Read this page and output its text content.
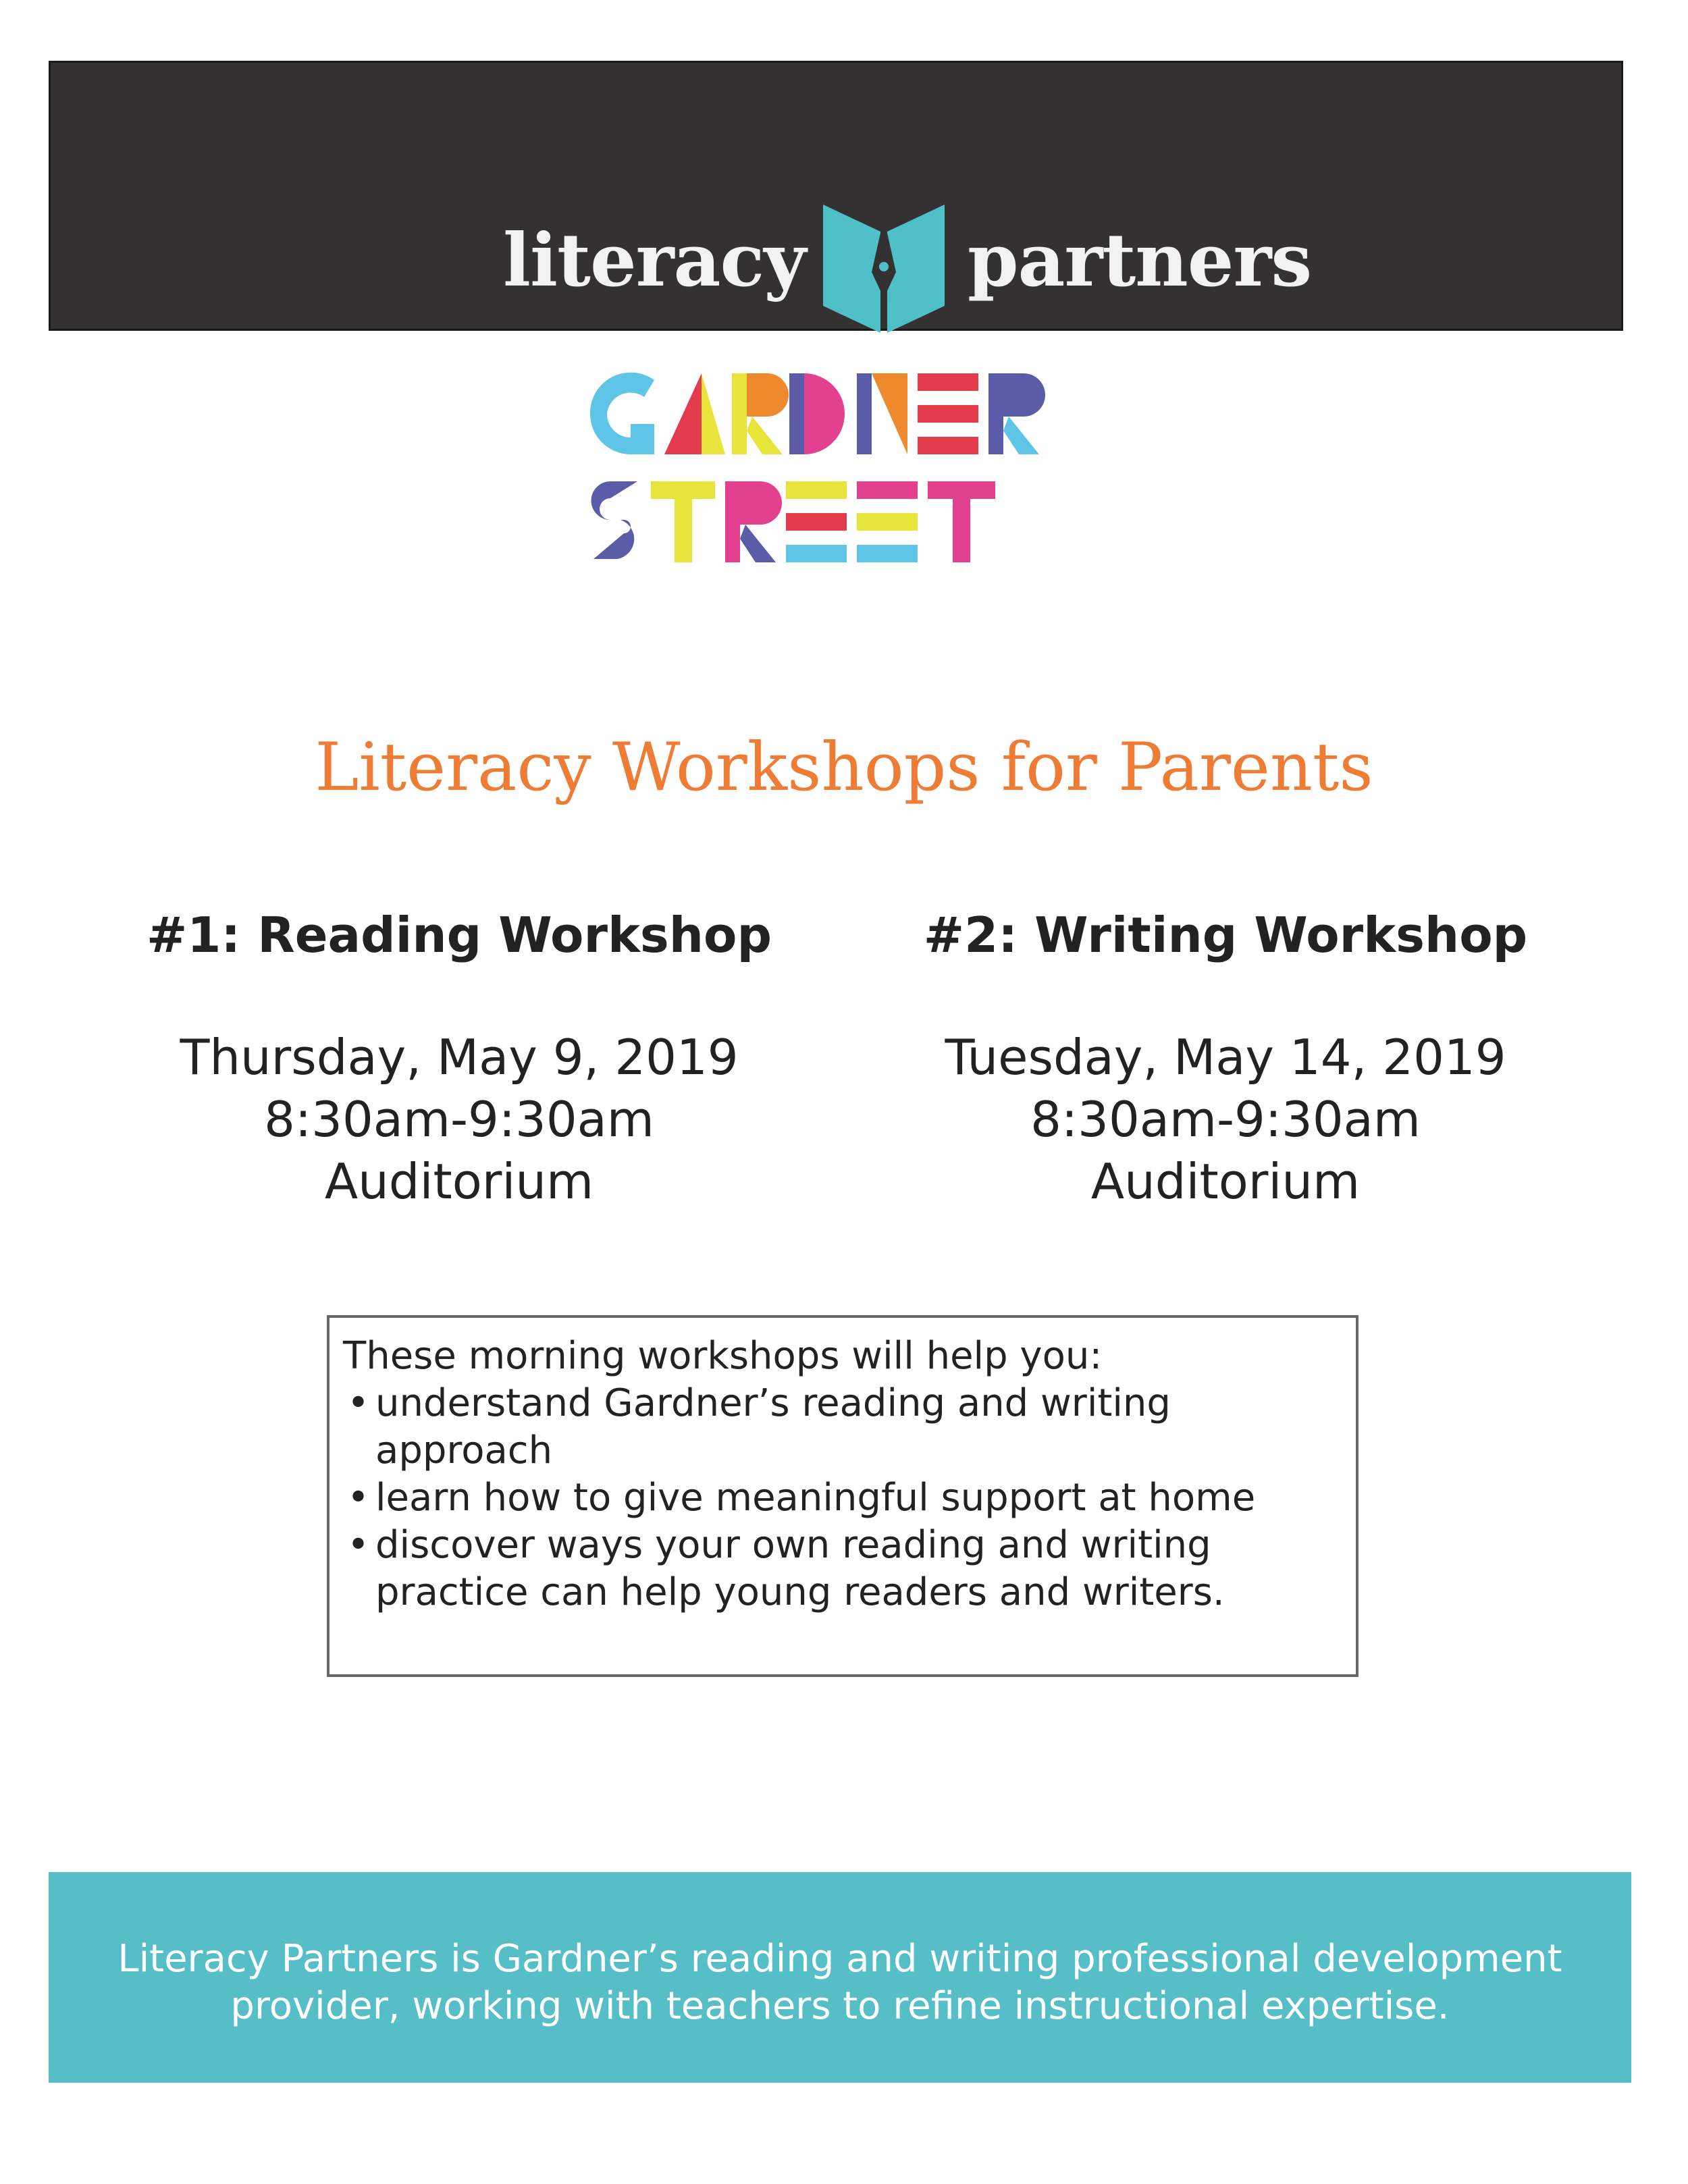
literacy partners
Literacy Workshops for Parents
#1: Reading Workshop
Thursday, May 9, 2019
8:30am-9:30am
Auditorium
#2: Writing Workshop
Tuesday, May 14, 2019
8:30am-9:30am
Auditorium
These morning workshops will help you:
• understand Gardner’s reading and writing approach
• learn how to give meaningful support at home
• discover ways your own reading and writing practice can help young readers and writers.
Literacy Partners is Gardner’s reading and writing professional development
provider, working with teachers to refine instructional expertise.
